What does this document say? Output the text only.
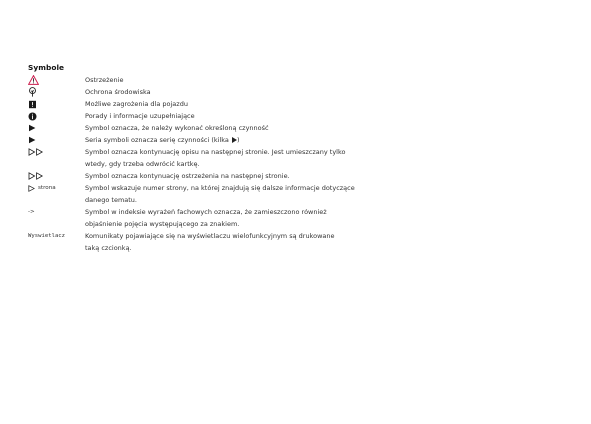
Symbole
Ostrzeżenie
Ochrona środowiska
Możliwe zagrożenia dla pojazdu
Porady i informacje uzupełniające
Symbol oznacza, że należy wykonać określoną czynność
Seria symboli oznacza serię czynności (kilka )
Symbol oznacza kontynuację opisu na następnej stronie. Jest umieszczany tylko
wtedy, gdy trzeba odwrócić kartkę.
Symbol oznacza kontynuację ostrzeżenia na następnej stronie.
strona	Symbol wskazuje numer strony, na której znajdują się dalsze informacje dotyczące
danego tematu.
->	Symbol w indeksie wyrażeń fachowych oznacza, że zamieszczono również
objaśnienie pojęcia występującego za znakiem.
Wyswietlacz	Komunikaty pojawiające się na wyświetlaczu wielofunkcyjnym są drukowane
taką czcionką.
